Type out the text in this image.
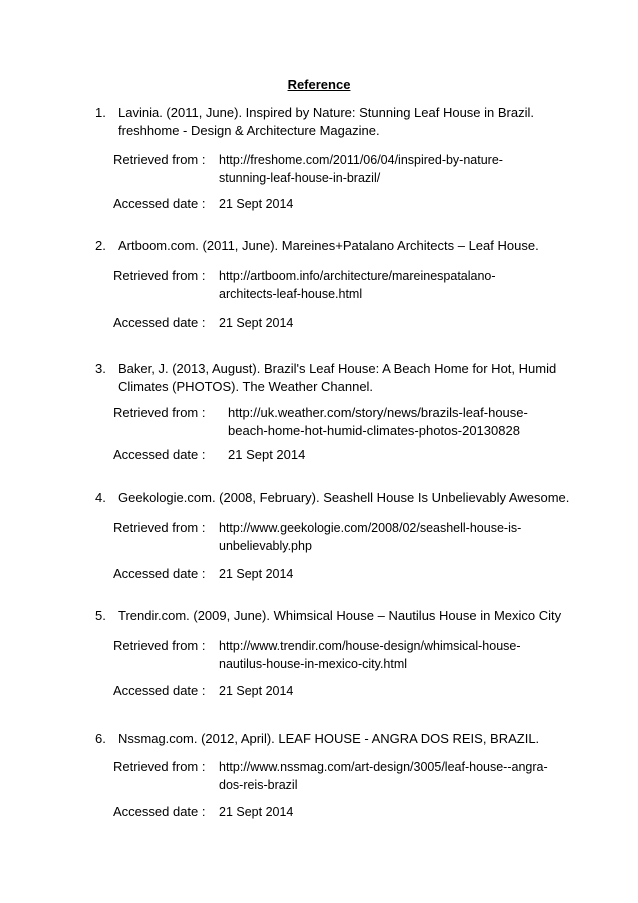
Reference
1. Lavinia. (2011, June). Inspired by Nature: Stunning Leaf House in Brazil. freshhome - Design & Architecture Magazine.
Retrieved from : http://freshome.com/2011/06/04/inspired-by-nature-stunning-leaf-house-in-brazil/
Accessed date : 21 Sept 2014
2. Artboom.com. (2011, June). Mareines+Patalano Architects – Leaf House.
Retrieved from : http://artboom.info/architecture/mareinespatalano-architects-leaf-house.html
Accessed date : 21 Sept 2014
3. Baker, J. (2013, August). Brazil's Leaf House: A Beach Home for Hot, Humid Climates (PHOTOS). The Weather Channel.
Retrieved from : http://uk.weather.com/story/news/brazils-leaf-house-beach-home-hot-humid-climates-photos-20130828
Accessed date : 21 Sept 2014
4. Geekologie.com. (2008, February). Seashell House Is Unbelievably Awesome.
Retrieved from : http://www.geekologie.com/2008/02/seashell-house-is-unbelievably.php
Accessed date : 21 Sept 2014
5. Trendir.com. (2009, June). Whimsical House – Nautilus House in Mexico City
Retrieved from : http://www.trendir.com/house-design/whimsical-house-nautilus-house-in-mexico-city.html
Accessed date : 21 Sept 2014
6. Nssmag.com. (2012, April). LEAF HOUSE - ANGRA DOS REIS, BRAZIL.
Retrieved from : http://www.nssmag.com/art-design/3005/leaf-house--angra-dos-reis-brazil
Accessed date : 21 Sept 2014
